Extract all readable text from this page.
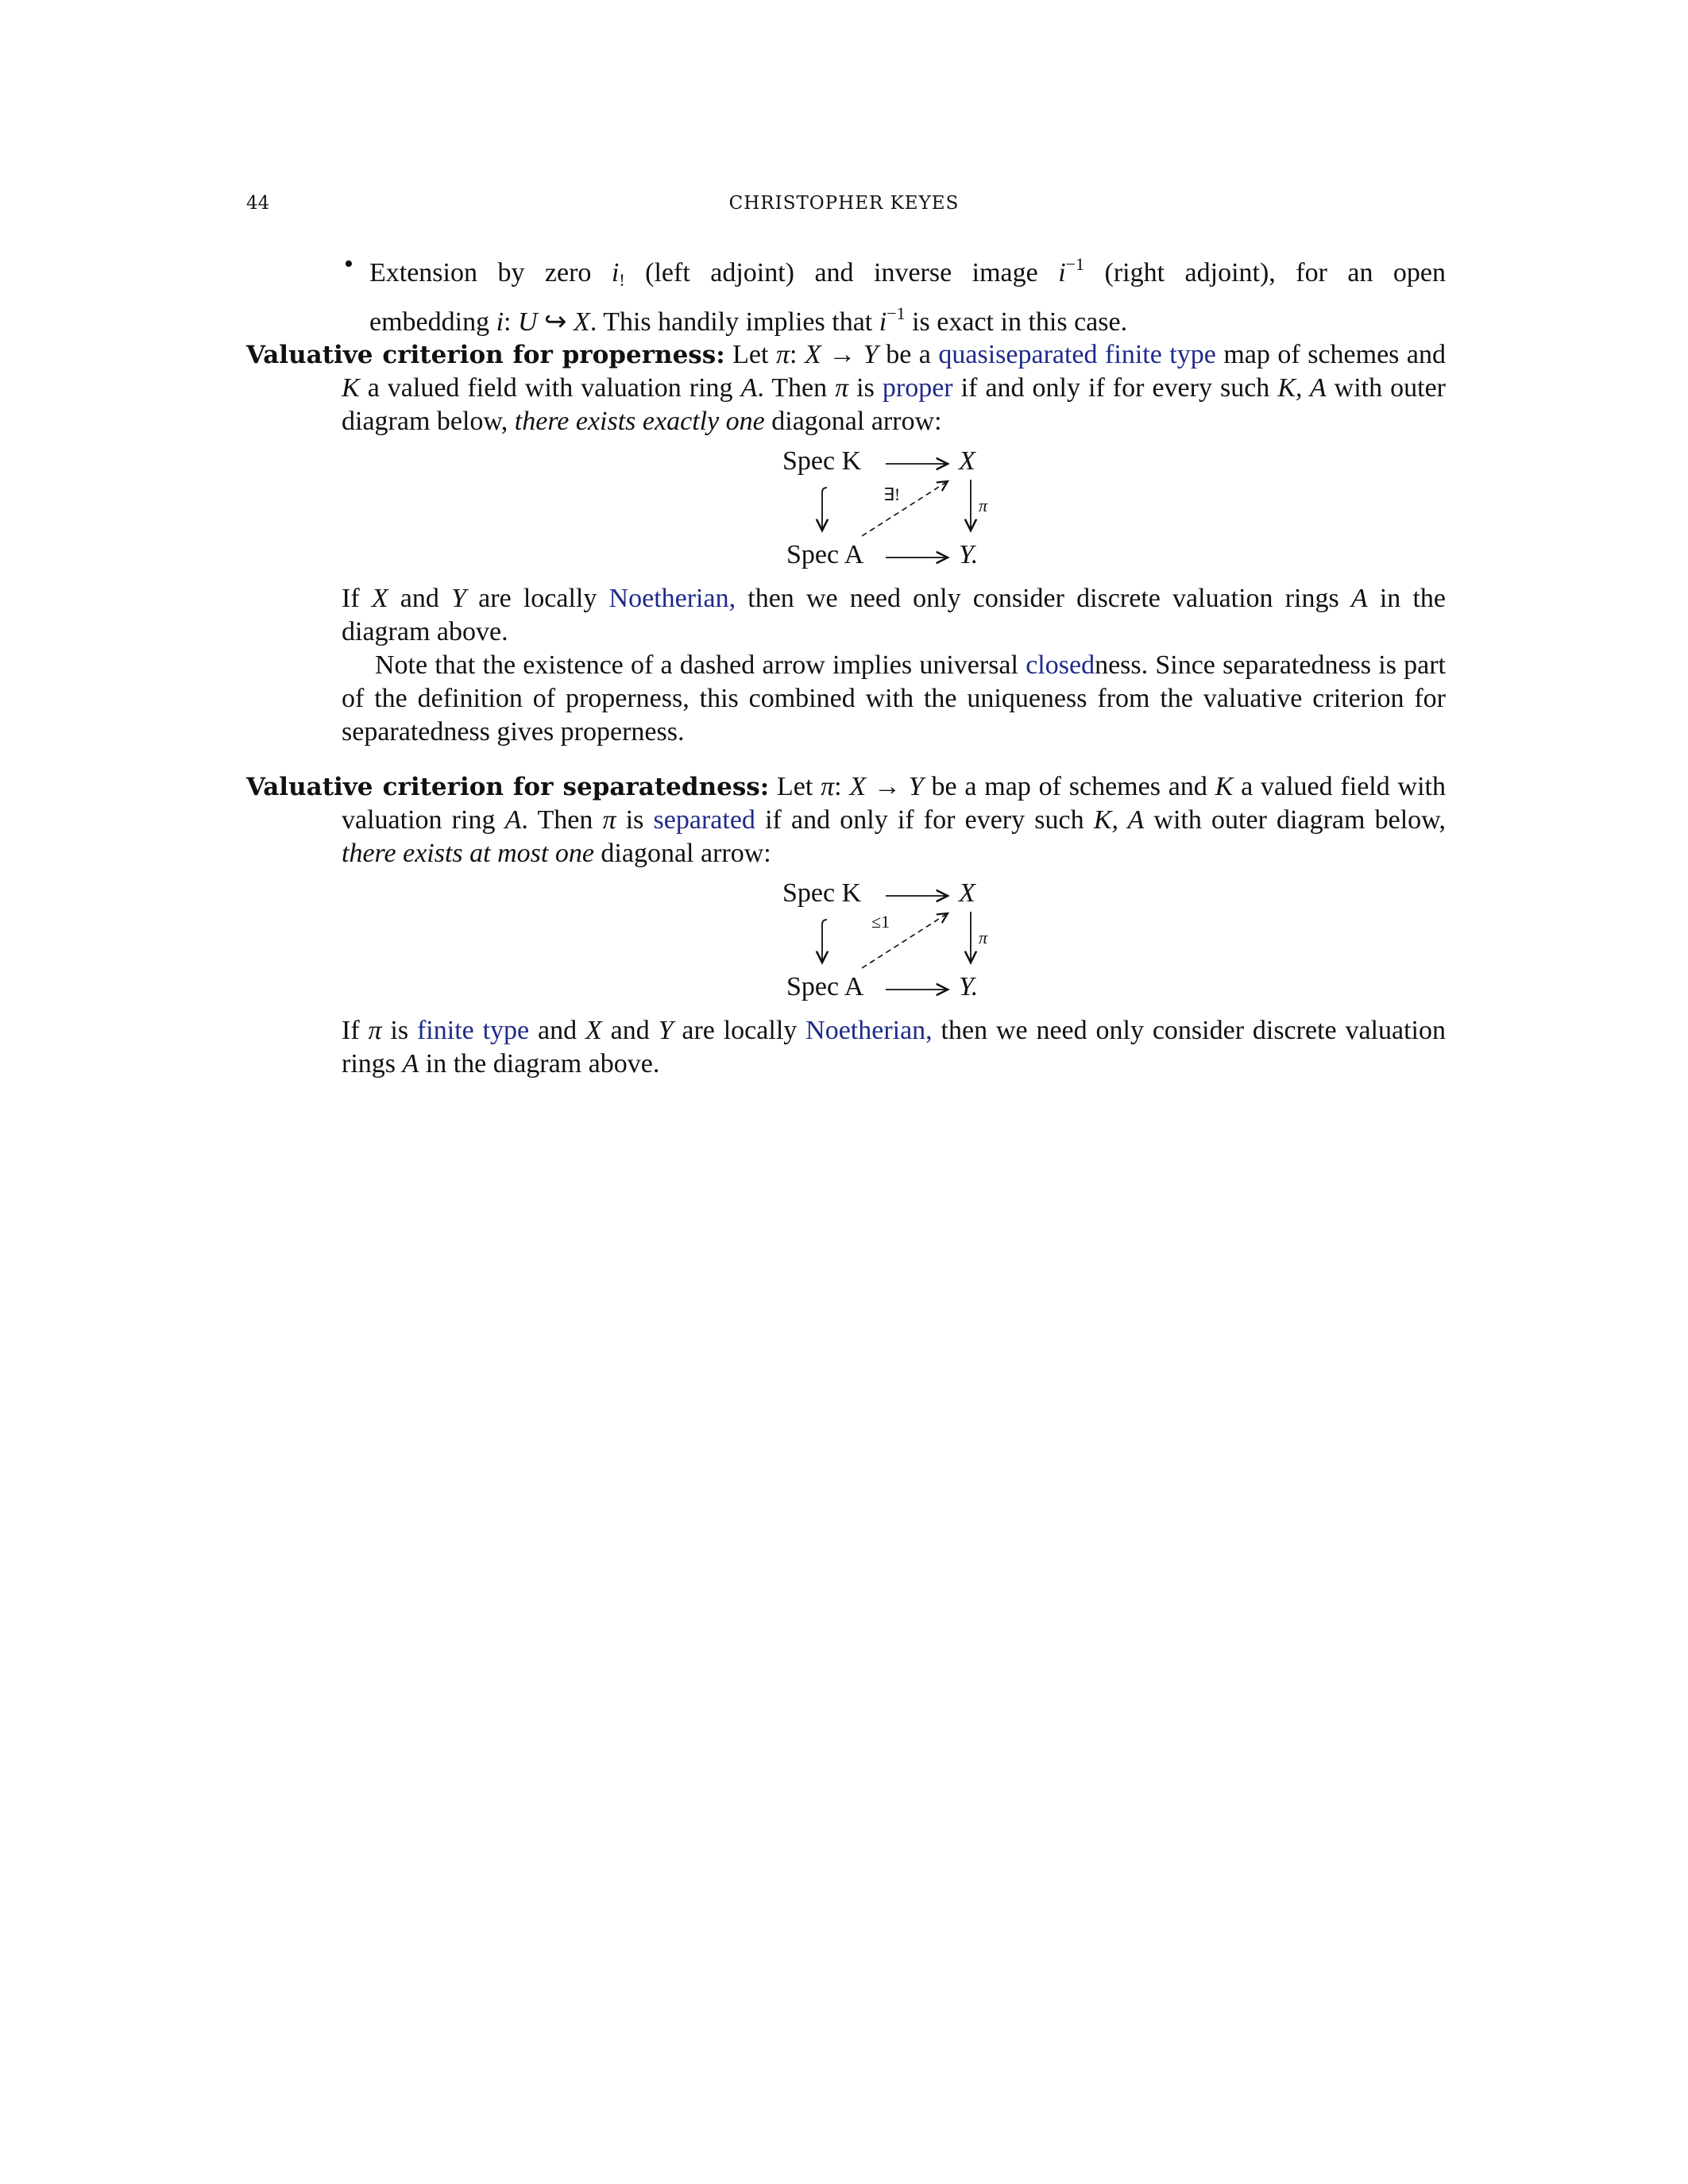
44	CHRISTOPHER KEYES
• Extension by zero i! (left adjoint) and inverse image $i^{-1}$ (right adjoint), for an open
embedding i: U ↪ X. This handily implies that $i^{-1}$ is exact in this case.
Valuative criterion for properness: Let π: X → Y be a quasiseparated finite type map of schemes and K a valued field with valuation ring A. Then π is proper if and only if for every such K, A with outer diagram below, there exists exactly one diagonal arrow:
Spec K	X
Spec A	Y.
∃!
π
If X and Y are locally Noetherian, then we need only consider discrete valuation rings A in the diagram above.
Note that the existence of a dashed arrow implies universal closedness. Since separatedness is part of the definition of properness, this combined with the uniqueness from the valuative criterion for separatedness gives properness.
Valuative criterion for separatedness: Let π: X → Y be a map of schemes and K a valued field with valuation ring A. Then π is separated if and only if for every such K, A with outer diagram below, there exists at most one diagonal arrow:
Spec K	X
Spec A	Y.
≤1
π
If π is finite type and X and Y are locally Noetherian, then we need only consider discrete valuation rings A in the diagram above.
